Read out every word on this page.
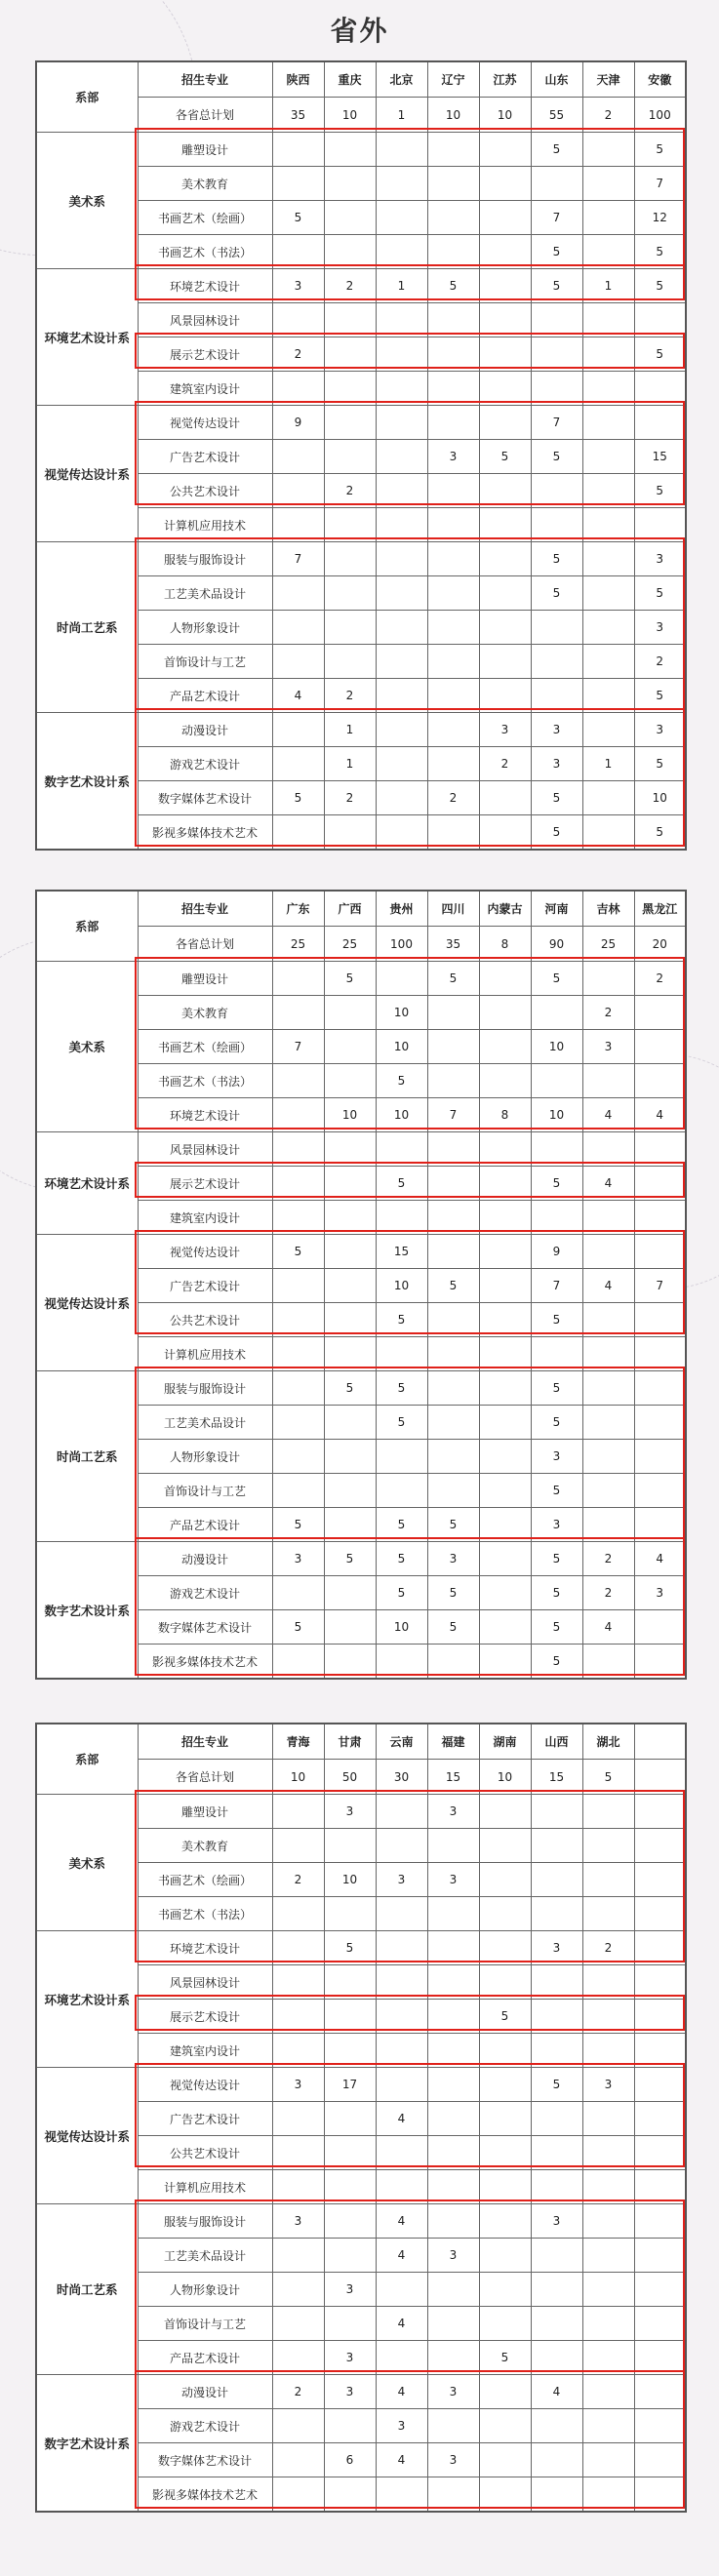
省外
系部	招生专业	陕西	重庆	北京	辽宁	江苏	山东	天津	安徽
	各省总计划	35	10	1	10	10	55	2	100
美术系	雕塑设计						5		5
	美术教育								7
	书画艺术（绘画）	5					7		12
	书画艺术（书法）						5		5
环境艺术设计系	环境艺术设计	3	2	1	5		5	1	5
	风景园林设计								
	展示艺术设计	2							5
	建筑室内设计								
视觉传达设计系	视觉传达设计	9					7		
	广告艺术设计				3	5	5		15
	公共艺术设计		2						5
	计算机应用技术								
时尚工艺系	服装与服饰设计	7					5		3
	工艺美术品设计						5		5
	人物形象设计								3
	首饰设计与工艺								2
	产品艺术设计	4	2						5
数字艺术设计系	动漫设计		1			3	3		3
	游戏艺术设计		1			2	3	1	5
	数字媒体艺术设计	5	2		2		5		10
	影视多媒体技术艺术						5		5
系部	招生专业	广东	广西	贵州	四川	内蒙古	河南	吉林	黑龙江
	各省总计划	25	25	100	35	8	90	25	20
美术系	雕塑设计		5		5		5		2
	美术教育			10				2	
	书画艺术（绘画）	7		10			10	3	
	书画艺术（书法）			5					
	环境艺术设计		10	10	7	8	10	4	4
环境艺术设计系	风景园林设计								
	展示艺术设计			5			5	4	
	建筑室内设计								
视觉传达设计系	视觉传达设计	5		15			9		
	广告艺术设计			10	5		7	4	7
	公共艺术设计			5			5		
	计算机应用技术								
时尚工艺系	服装与服饰设计		5	5			5		
	工艺美术品设计			5			5		
	人物形象设计						3		
	首饰设计与工艺						5		
	产品艺术设计	5		5	5		3		
数字艺术设计系	动漫设计	3	5	5	3		5	2	4
	游戏艺术设计			5	5		5	2	3
	数字媒体艺术设计	5		10	5		5	4	
	影视多媒体技术艺术						5		
系部	招生专业	青海	甘肃	云南	福建	湖南	山西	湖北	
	各省总计划	10	50	30	15	10	15	5	
美术系	雕塑设计		3		3				
	美术教育								
	书画艺术（绘画）	2	10	3	3				
	书画艺术（书法）								
环境艺术设计系	环境艺术设计		5				3	2	
	风景园林设计								
	展示艺术设计					5			
	建筑室内设计								
视觉传达设计系	视觉传达设计	3	17				5	3	
	广告艺术设计			4					
	公共艺术设计								
	计算机应用技术								
时尚工艺系	服装与服饰设计	3		4			3		
	工艺美术品设计			4	3				
	人物形象设计		3						
	首饰设计与工艺			4					
	产品艺术设计		3			5			
数字艺术设计系	动漫设计	2	3	4	3		4		
	游戏艺术设计			3					
	数字媒体艺术设计		6	4	3				
	影视多媒体技术艺术								
